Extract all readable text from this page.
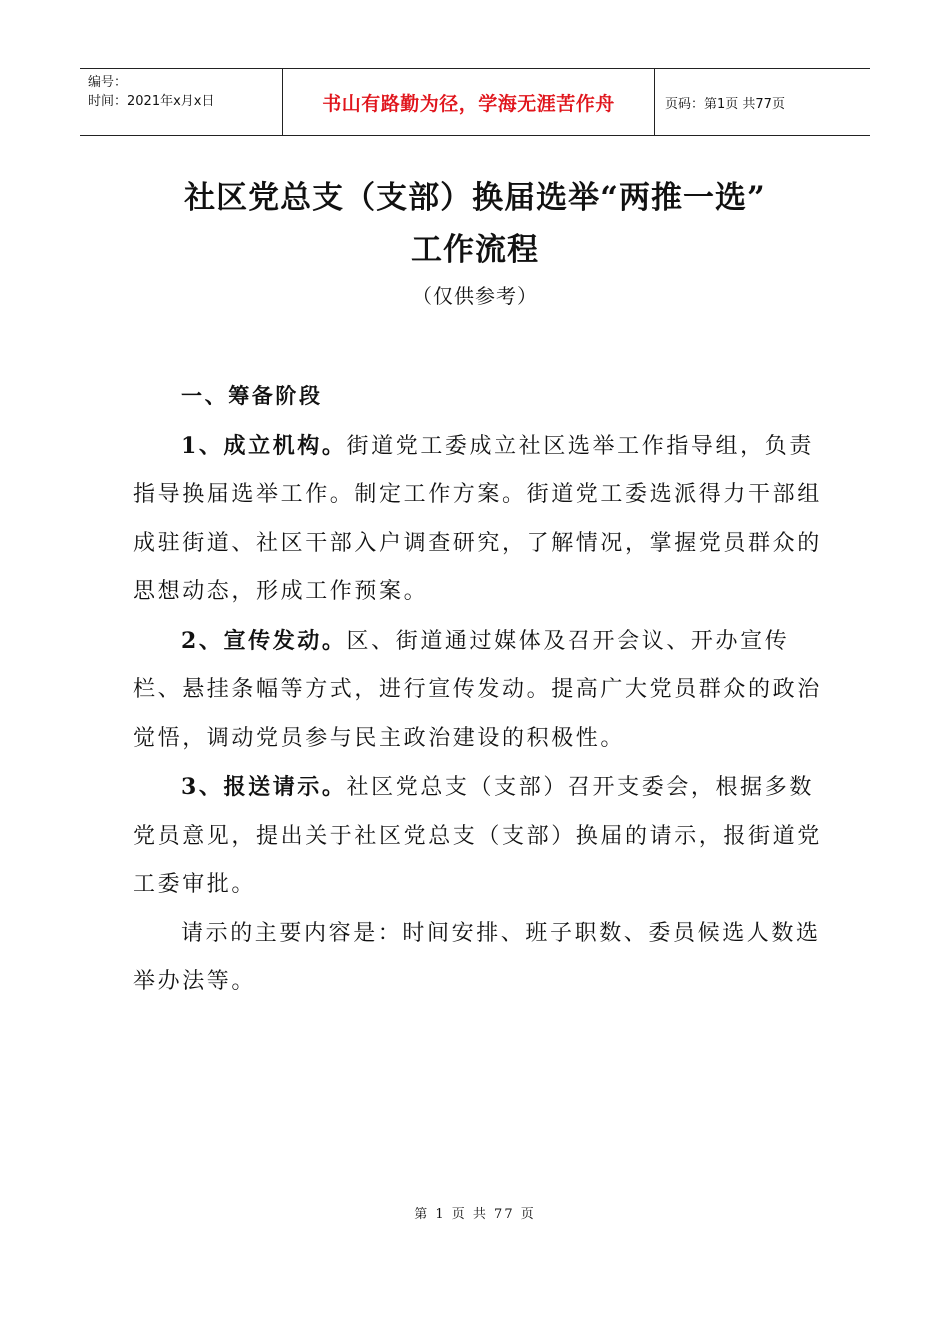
编号：
时间：2021年x月x日	书山有路勤为径，学海无涯苦作舟	页码：第1页 共77页
社区党总支（支部）换届选举“两推一选”
工作流程
（仅供参考）

一、筹备阶段

1、成立机构。街道党工委成立社区选举工作指导组，负责指导换届选举工作。制定工作方案。街道党工委选派得力干部组成驻街道、社区干部入户调查研究，了解情况，掌握党员群众的思想动态，形成工作预案。

2、宣传发动。区、街道通过媒体及召开会议、开办宣传栏、悬挂条幅等方式，进行宣传发动。提高广大党员群众的政治觉悟，调动党员参与民主政治建设的积极性。

3、报送请示。社区党总支（支部）召开支委会，根据多数党员意见，提出关于社区党总支（支部）换届的请示，报街道党工委审批。

请示的主要内容是：时间安排、班子职数、委员候选人数选举办法等。

第 1 页 共 77 页
